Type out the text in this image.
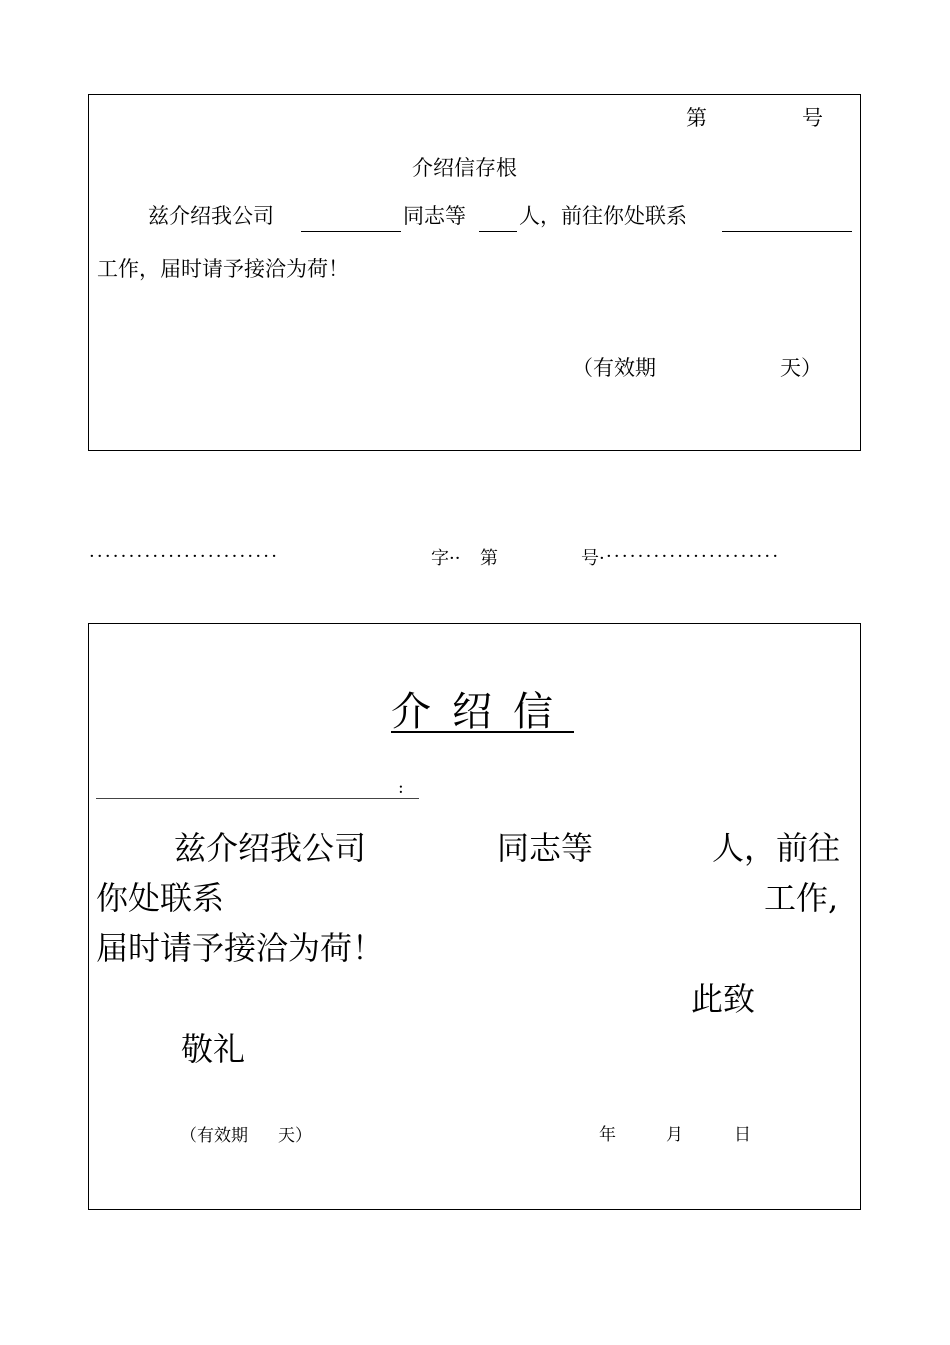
第	号
介绍信存根
兹介绍我公司	同志等	人，前往你处联系
工作，届时请予接洽为荷！
（有效期	天）
························	字·· 第	号· ······················
介绍信
:
兹介绍我公司	同志等	人，前往
你处联系	工作,
届时请予接洽为荷！
此致
敬礼
（有效期 天）	年	月	日
